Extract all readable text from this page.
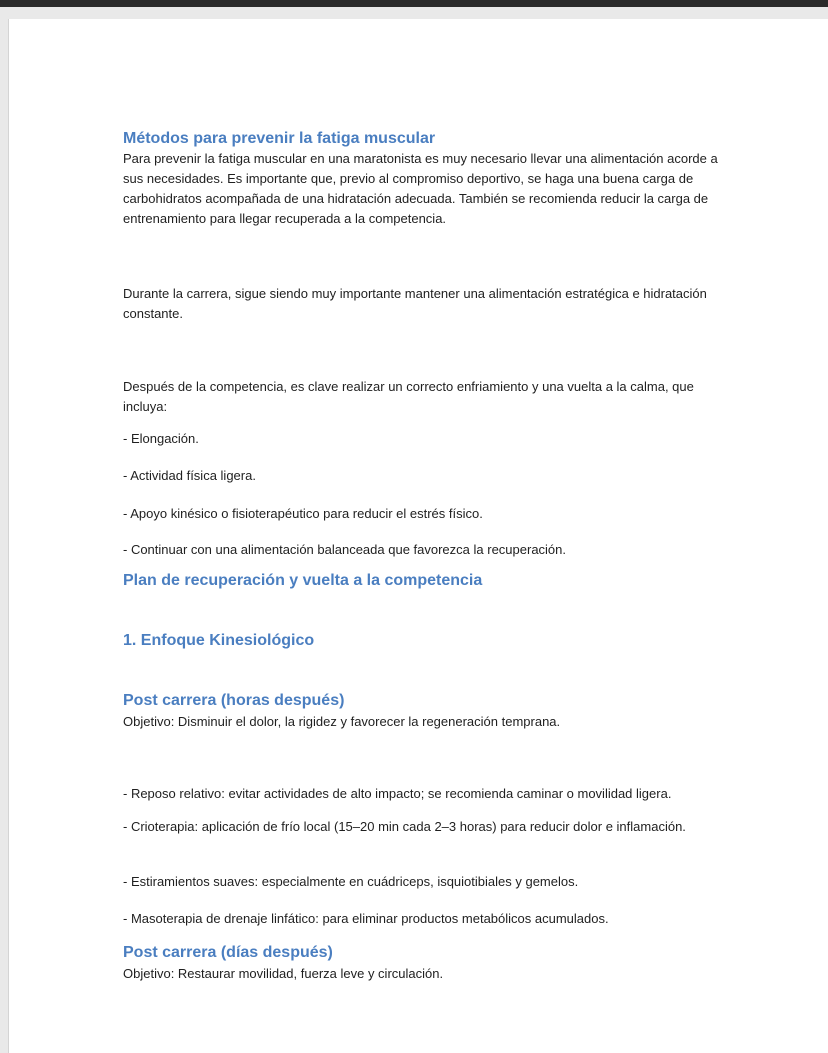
Métodos para prevenir la fatiga muscular

Para prevenir la fatiga muscular en una maratonista es muy necesario llevar una alimentación acorde a sus necesidades. Es importante que, previo al compromiso deportivo, se haga una buena carga de carbohidratos acompañada de una hidratación adecuada. También se recomienda reducir la carga de entrenamiento para llegar recuperada a la competencia.

Durante la carrera, sigue siendo muy importante mantener una alimentación estratégica e hidratación constante.

Después de la competencia, es clave realizar un correcto enfriamiento y una vuelta a la calma, que incluya:

- Elongación.

- Actividad física ligera.

- Apoyo kinésico o fisioterapéutico para reducir el estrés físico.

- Continuar con una alimentación balanceada que favorezca la recuperación.

Plan de recuperación y vuelta a la competencia
1. Enfoque Kinesiológico
Post carrera (horas después)

Objetivo: Disminuir el dolor, la rigidez y favorecer la regeneración temprana.

- Reposo relativo: evitar actividades de alto impacto; se recomienda caminar o movilidad ligera.

- Crioterapia: aplicación de frío local (15–20 min cada 2–3 horas) para reducir dolor e inflamación.

- Estiramientos suaves: especialmente en cuádriceps, isquiotibiales y gemelos.

- Masoterapia de drenaje linfático: para eliminar productos metabólicos acumulados.

Post carrera (días después)

Objetivo: Restaurar movilidad, fuerza leve y circulación.
